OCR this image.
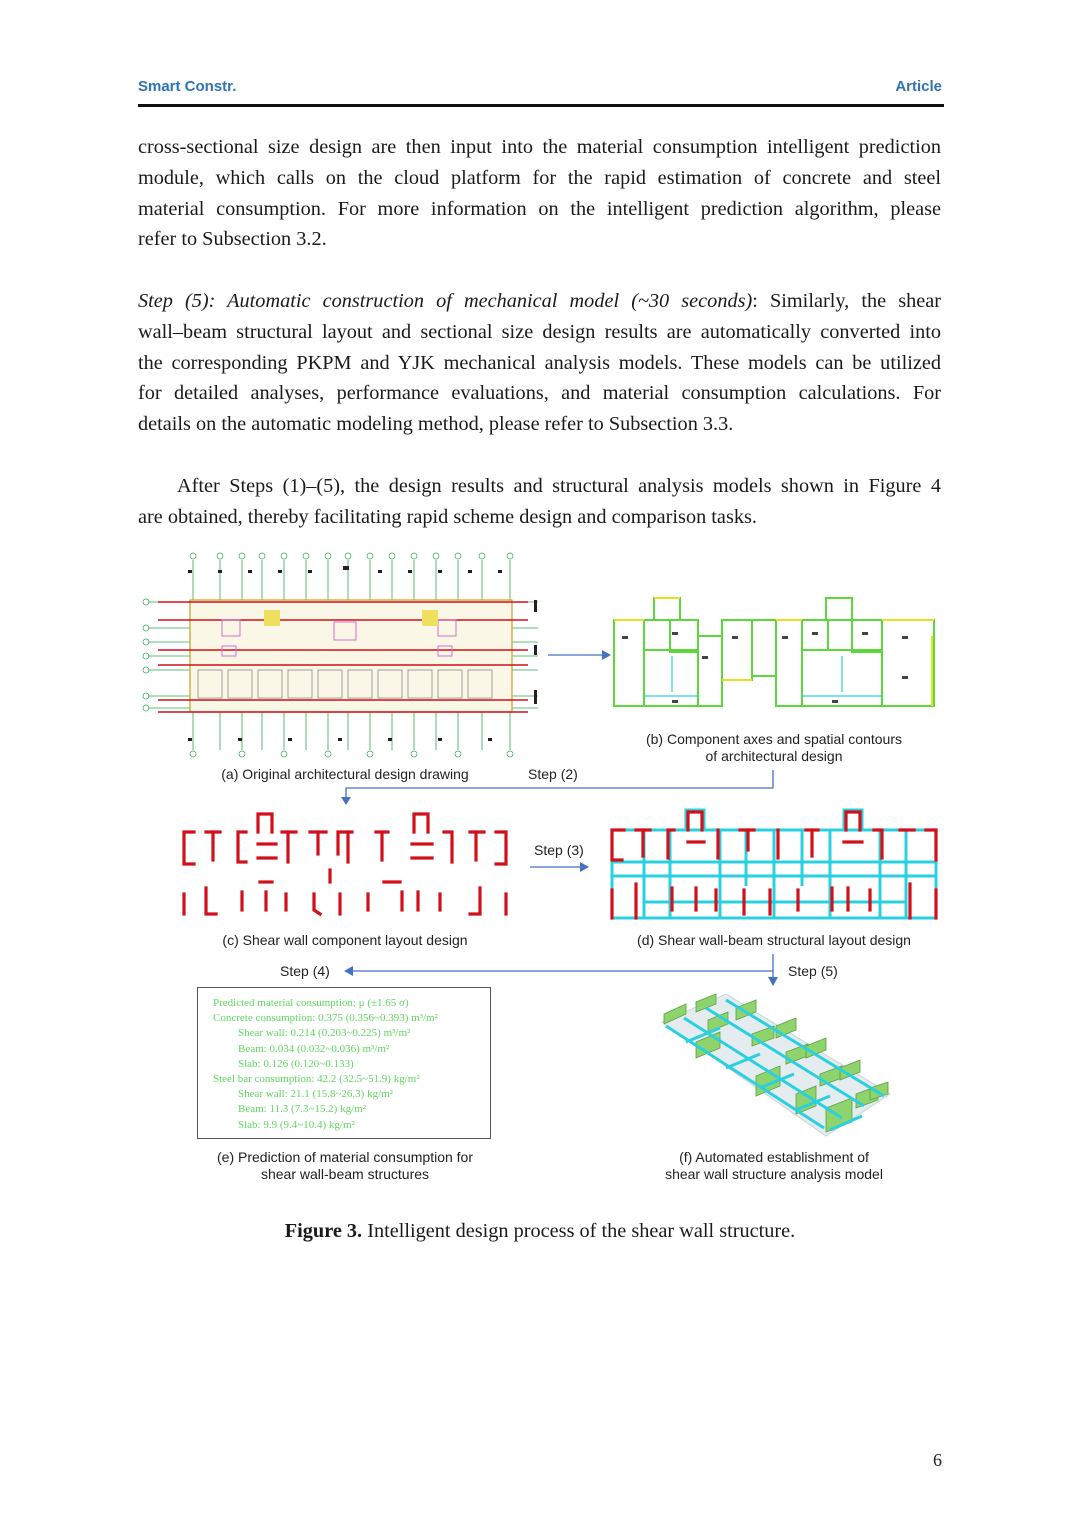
Smart Constr.	Article
cross-sectional size design are then input into the material consumption intelligent prediction
module, which calls on the cloud platform for the rapid estimation of concrete and steel
material consumption. For more information on the intelligent prediction algorithm, please
refer to Subsection 3.2.
Step (5): Automatic construction of mechanical model (~30 seconds): Similarly, the shear
wall–beam structural layout and sectional size design results are automatically converted into
the corresponding PKPM and YJK mechanical analysis models. These models can be utilized
for detailed analyses, performance evaluations, and material consumption calculations. For
details on the automatic modeling method, please refer to Subsection 3.3.
After Steps (1)–(5), the design results and structural analysis models shown in Figure 4
are obtained, thereby facilitating rapid scheme design and comparison tasks.
(b) Component axes and spatial contours
of architectural design
(a) Original architectural design drawing	Step (2)
Step (3)
(c) Shear wall component layout design	(d) Shear wall-beam structural layout design
Step (4)	Step (5)
Predicted material consumption: μ (±1.65 σ)
Concrete consumption: 0.375 (0.356~0.393) m³/m²
Shear wall: 0.214 (0.203~0.225) m³/m²
Beam: 0.034 (0.032~0.036) m³/m²
Slab: 0.126 (0.120~0.133)
Steel bar consumption: 42.2 (32.5~51.9) kg/m²
Shear wall: 21.1 (15.8~26.3) kg/m²
Beam: 11.3 (7.3~15.2) kg/m²
Slab: 9.9 (9.4~10.4) kg/m²
(e) Prediction of material consumption for
shear wall-beam structures
(f) Automated establishment of
shear wall structure analysis model
Figure 3. Intelligent design process of the shear wall structure.
6
